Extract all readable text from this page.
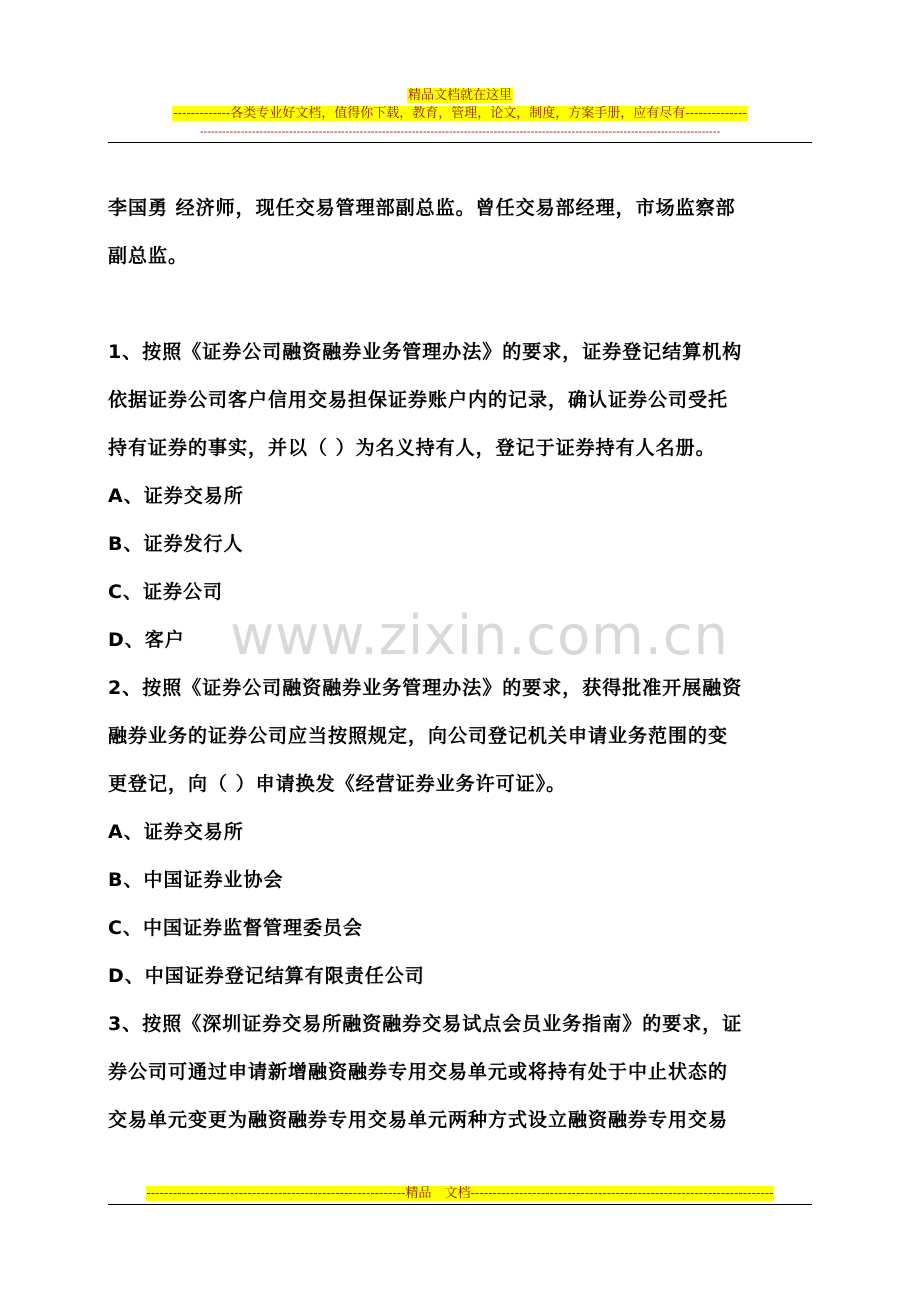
精品文档就在这里
-------------各类专业好文档，值得你下载，教育，管理，论文，制度，方案手册，应有尽有--------------
--------------------------------------------------------------------------------------------------------------------------------------------
李国勇 经济师，现任交易管理部副总监。曾任交易部经理，市场监察部
副总监。
1、按照《证券公司融资融券业务管理办法》的要求，证券登记结算机构
依据证券公司客户信用交易担保证券账户内的记录，确认证券公司受托
持有证券的事实，并以（ ）为名义持有人，登记于证券持有人名册。
A、证券交易所
B、证券发行人
C、证券公司
D、客户
2、按照《证券公司融资融券业务管理办法》的要求，获得批准开展融资
融券业务的证券公司应当按照规定，向公司登记机关申请业务范围的变
更登记，向（ ）申请换发《经营证券业务许可证》。
A、证券交易所
B、中国证券业协会
C、中国证券监督管理委员会
D、中国证券登记结算有限责任公司
3、按照《深圳证券交易所融资融券交易试点会员业务指南》的要求，证
券公司可通过申请新增融资融券专用交易单元或将持有处于中止状态的
交易单元变更为融资融券专用交易单元两种方式设立融资融券专用交易
www.zixin.com.cn
-----------------------------------------------------------精品　文档---------------------------------------------------------------------
